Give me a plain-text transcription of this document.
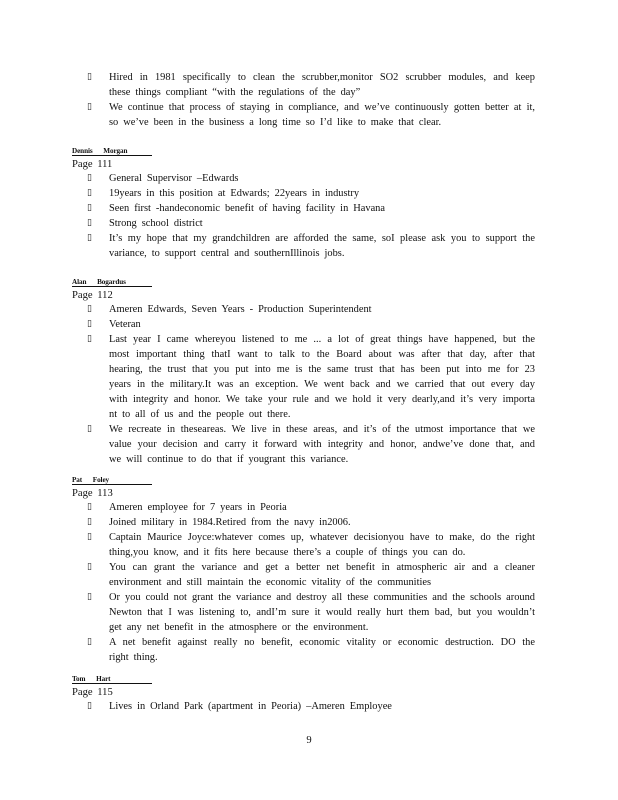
▯ Hired in 1981 specifically to clean the scrubber,monitor SO2 scrubber modules, and keep these things compliant “with the regulations of the day”
▯ We continue that process of staying in compliance, and we’ve continuously gotten better at it, so we’ve been in the business a long time so I’d like to make that clear.
Dennis Morgan
Page 111
▯ General Supervisor –Edwards
▯ 19years in this position at Edwards; 22years in industry
▯ Seen first -handeconomic benefit of having facility in Havana
▯ Strong school district
▯ It’s my hope that my grandchildren are afforded the same, soI please ask you to support the variance, to support central and southernIllinois jobs.
Alan Bogardus
Page 112
▯ Ameren Edwards, Seven Years - Production Superintendent
▯ Veteran
▯ Last year I came whereyou listened to me ... a lot of great things have happened, but the most important thing thatI want to talk to the Board about was after that day, after that hearing, the trust that you put into me is the same trust that has been put into me for 23 years in the military.It was an exception. We went back and we carried that out every day with integrity and honor. We take your rule and we hold it very dearly,and it’s very importa nt to all of us and the people out there.
▯ We recreate in theseareas. We live in these areas, and it’s of the utmost importance that we value your decision and carry it forward with integrity and honor, andwe’ve done that, and we will continue to do that if yougrant this variance.
Pat Foley
Page 113
▯ Ameren employee for 7 years in Peoria
▯ Joined military in 1984.Retired from the navy in2006.
▯ Captain Maurice Joyce:whatever comes up, whatever decisionyou have to make, do the right thing,you know, and it fits here because there’s a couple of things you can do.
▯ You can grant the variance and get a better net benefit in atmospheric air and a cleaner environment and still maintain the economic vitality of the communities
▯ Or you could not grant the variance and destroy all these communities and the schools around Newton that I was listening to, andI’m sure it would really hurt them bad, but you wouldn’t get any net benefit in the atmosphere or the environment.
▯ A net benefit against really no benefit, economic vitality or economic destruction. DO the right thing.
Tom Hart
Page 115
▯ Lives in Orland Park (apartment in Peoria) –Ameren Employee
9
